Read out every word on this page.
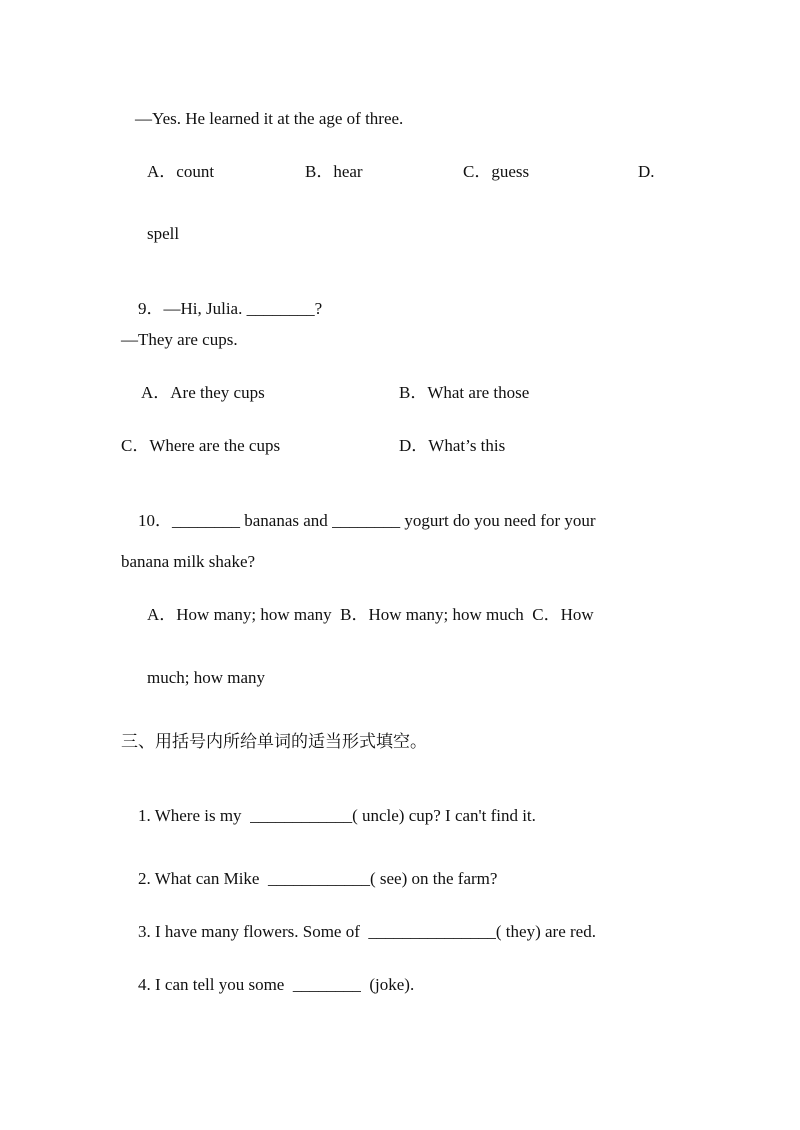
—Yes. He learned it at the age of three.
A．count	B．hear	C．guess	D.
spell

9．—Hi, Julia. ________?

—They are cups.
A．Are they cups	B．What are those
C．Where are the cups	D．What’s this

10．________ bananas and ________ yogurt do you need for your

banana milk shake?
A．How many; how many  B．How many; how much  C．How
much; how many
三、用括号内所给单词的适当形式填空。

1. Where is my  ____________( uncle) cup? I can't find it.

2. What can Mike  ____________( see) on the farm?

3. I have many flowers. Some of  _______________( they) are red.

4. I can tell you some  ________  (joke).
